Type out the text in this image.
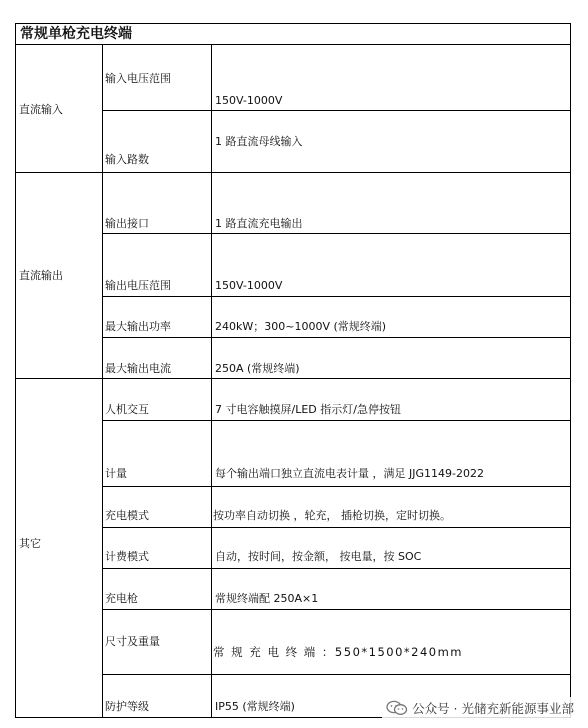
常规单枪充电终端
直流输入
直流输出
其它
输入电压范围
输入路数
输出接口
输出电压范围
最大输出功率
最大输出电流
人机交互
计量
充电模式
计费模式
充电枪
尺寸及重量
防护等级
150V-1000V
1 路直流母线输入
1 路直流充电输出
150V-1000V
240kW；300~1000V (常规终端)
250A (常规终端)
7 寸电容触摸屏/LED 指示灯/急停按钮
每个输出端口独立直流电表计量 ，满足 JJG1149-2022
按功率自动切换 ，轮充， 插枪切换，定时切换。
自动，按时间，按金额， 按电量，按 SOC
常规终端配 250A×1
常 规 充 电 终 端 ：550*1500*240mm
IP55 (常规终端)	公众号 · 光储充新能源事业部
